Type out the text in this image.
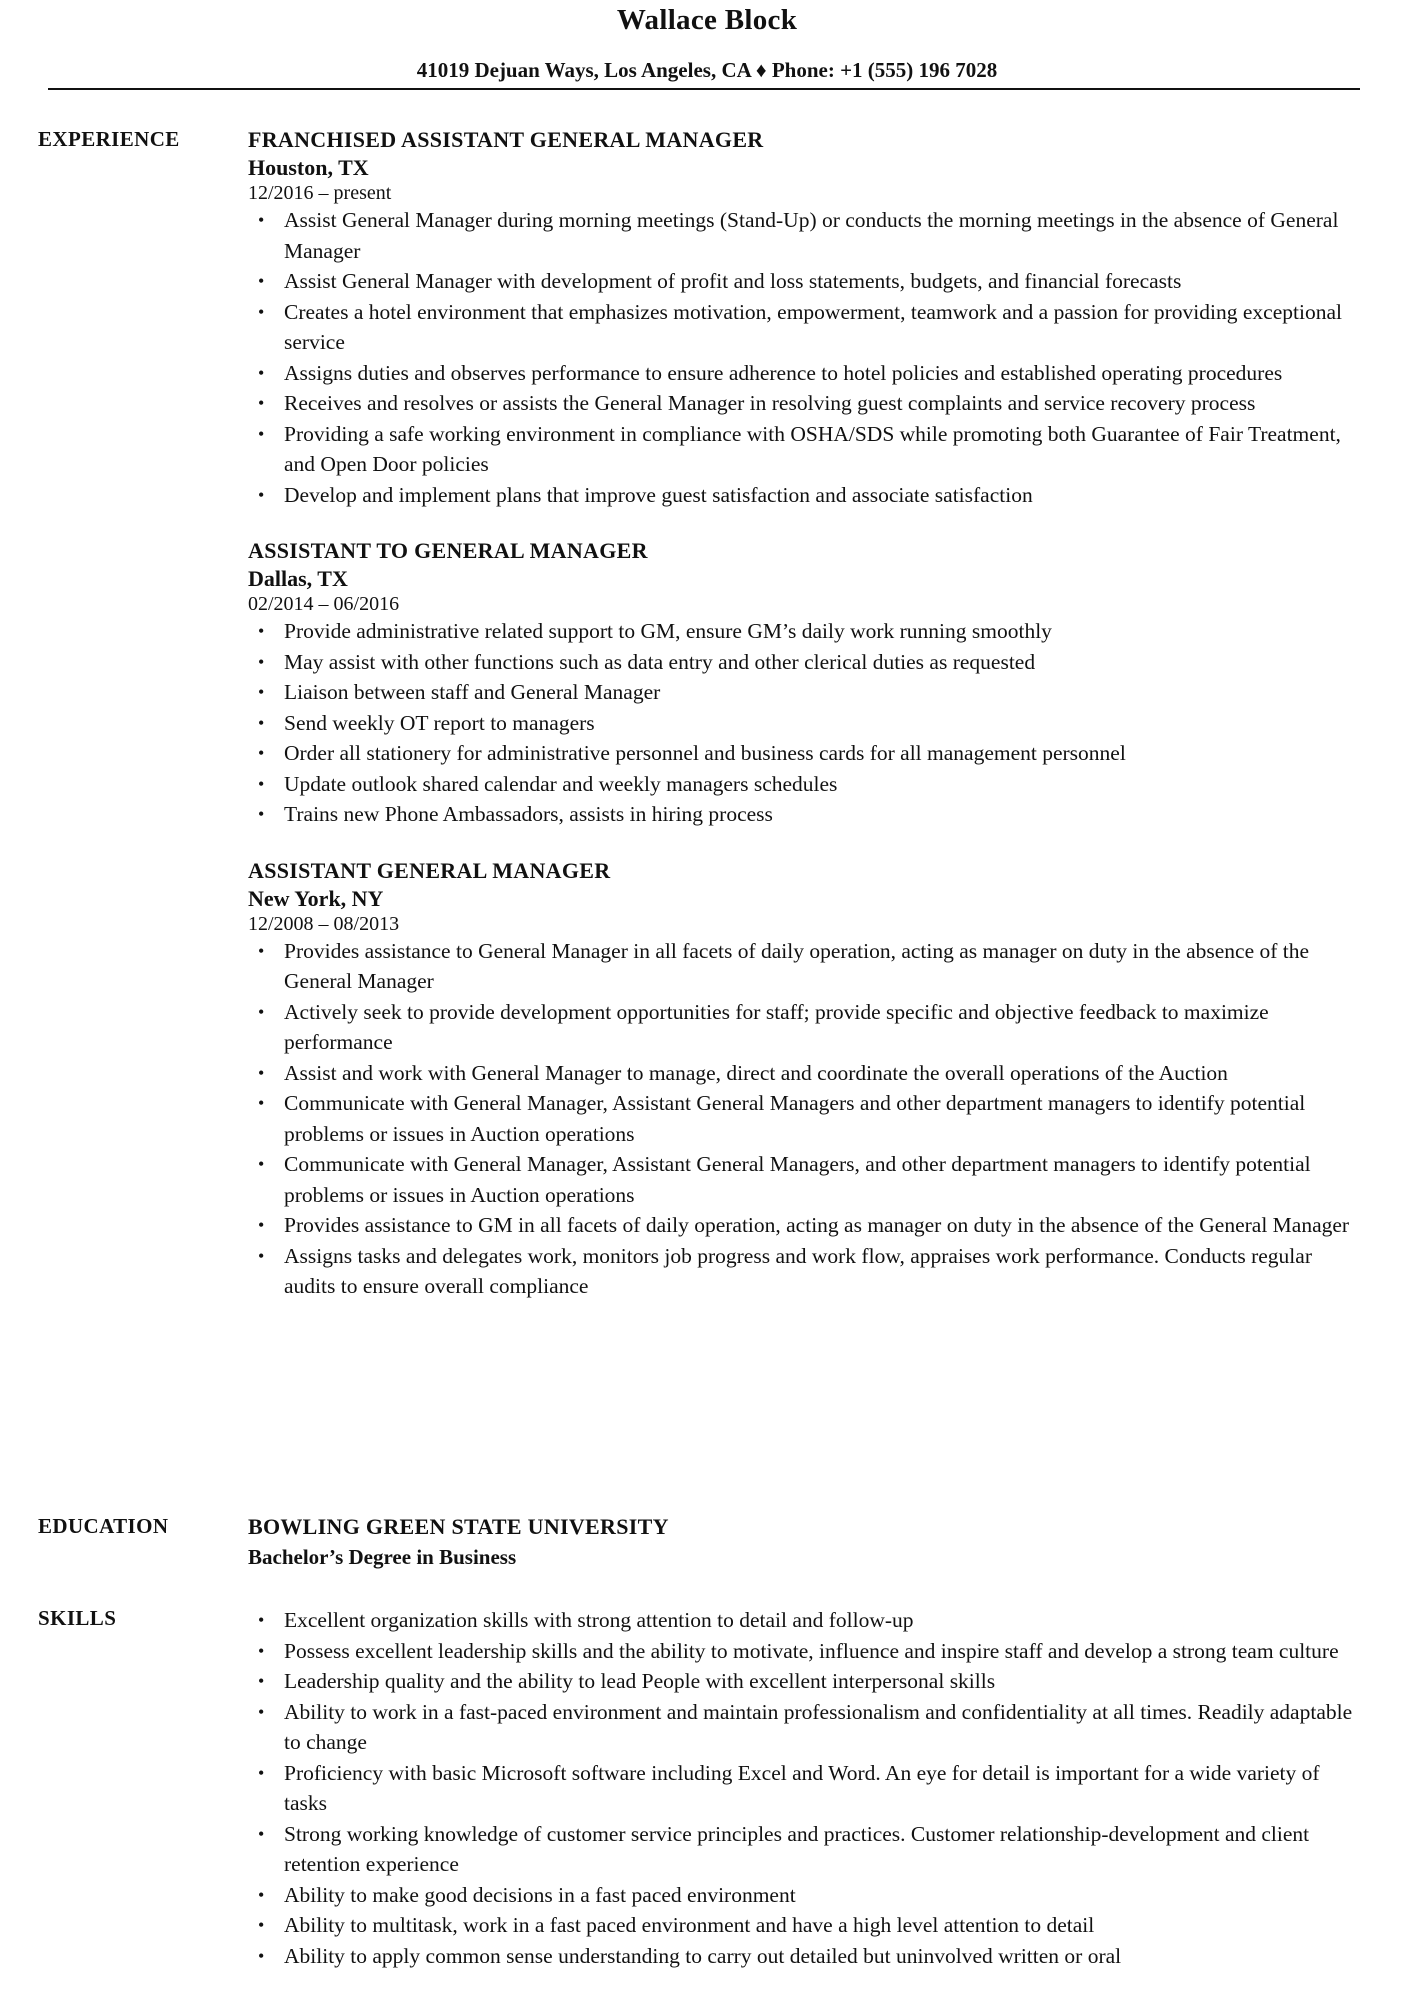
Wallace Block
41019 Dejuan Ways, Los Angeles, CA ♦ Phone: +1 (555) 196 7028
EXPERIENCE	FRANCHISED ASSISTANT GENERAL MANAGER
Houston, TX
12/2016 – present
• Assist General Manager during morning meetings (Stand-Up) or conducts the morning meetings in the absence of General Manager
• Assist General Manager with development of profit and loss statements, budgets, and financial forecasts
• Creates a hotel environment that emphasizes motivation, empowerment, teamwork and a passion for providing exceptional service
• Assigns duties and observes performance to ensure adherence to hotel policies and established operating procedures
• Receives and resolves or assists the General Manager in resolving guest complaints and service recovery process
• Providing a safe working environment in compliance with OSHA/SDS while promoting both Guarantee of Fair Treatment, and Open Door policies
• Develop and implement plans that improve guest satisfaction and associate satisfaction
ASSISTANT TO GENERAL MANAGER
Dallas, TX
02/2014 – 06/2016
• Provide administrative related support to GM, ensure GM’s daily work running smoothly
• May assist with other functions such as data entry and other clerical duties as requested
• Liaison between staff and General Manager
• Send weekly OT report to managers
• Order all stationery for administrative personnel and business cards for all management personnel
• Update outlook shared calendar and weekly managers schedules
• Trains new Phone Ambassadors, assists in hiring process
ASSISTANT GENERAL MANAGER
New York, NY
12/2008 – 08/2013
• Provides assistance to General Manager in all facets of daily operation, acting as manager on duty in the absence of the General Manager
• Actively seek to provide development opportunities for staff; provide specific and objective feedback to maximize performance
• Assist and work with General Manager to manage, direct and coordinate the overall operations of the Auction
• Communicate with General Manager, Assistant General Managers and other department managers to identify potential problems or issues in Auction operations
• Communicate with General Manager, Assistant General Managers, and other department managers to identify potential problems or issues in Auction operations
• Provides assistance to GM in all facets of daily operation, acting as manager on duty in the absence of the General Manager
• Assigns tasks and delegates work, monitors job progress and work flow, appraises work performance. Conducts regular audits to ensure overall compliance
EDUCATION	BOWLING GREEN STATE UNIVERSITY
Bachelor’s Degree in Business
SKILLS	• Excellent organization skills with strong attention to detail and follow-up
• Possess excellent leadership skills and the ability to motivate, influence and inspire staff and develop a strong team culture
• Leadership quality and the ability to lead People with excellent interpersonal skills
• Ability to work in a fast-paced environment and maintain professionalism and confidentiality at all times. Readily adaptable to change
• Proficiency with basic Microsoft software including Excel and Word. An eye for detail is important for a wide variety of tasks
• Strong working knowledge of customer service principles and practices. Customer relationship-development and client retention experience
• Ability to make good decisions in a fast paced environment
• Ability to multitask, work in a fast paced environment and have a high level attention to detail
• Ability to apply common sense understanding to carry out detailed but uninvolved written or oral
